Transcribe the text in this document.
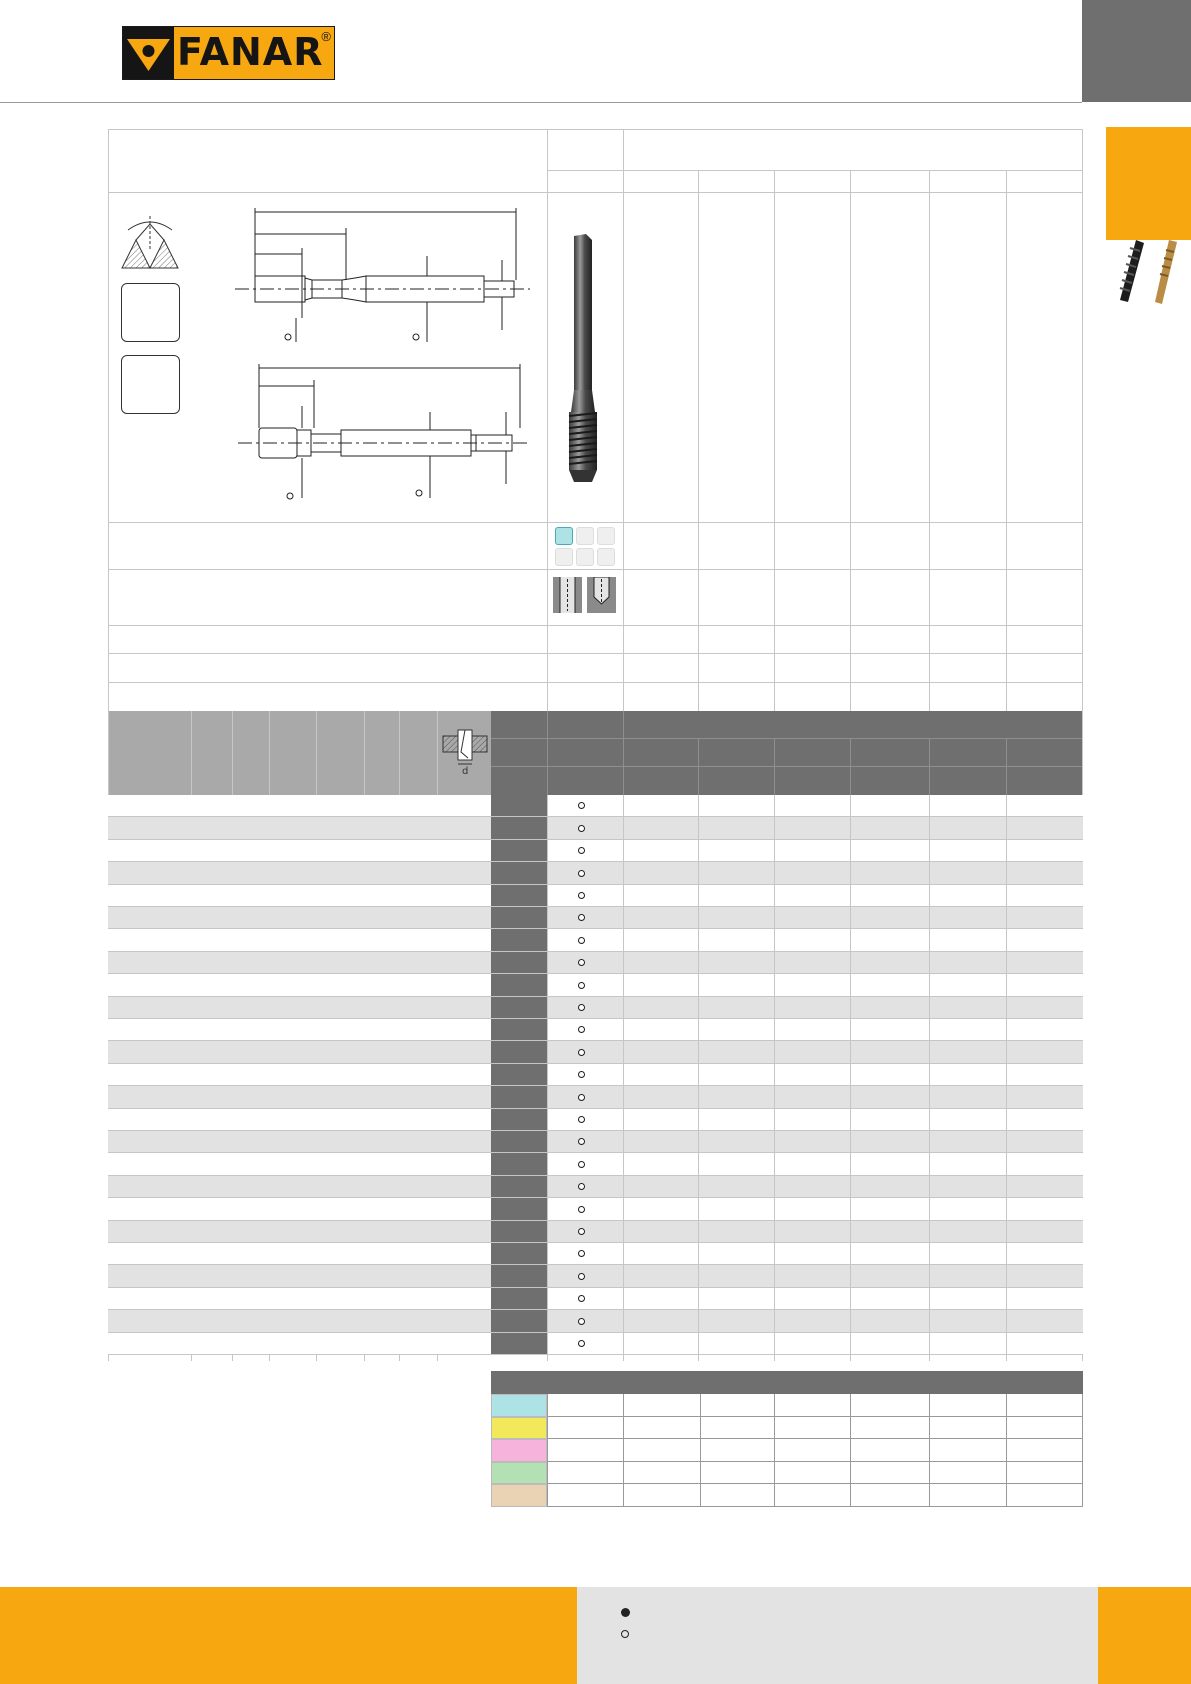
FANAR
®
d
